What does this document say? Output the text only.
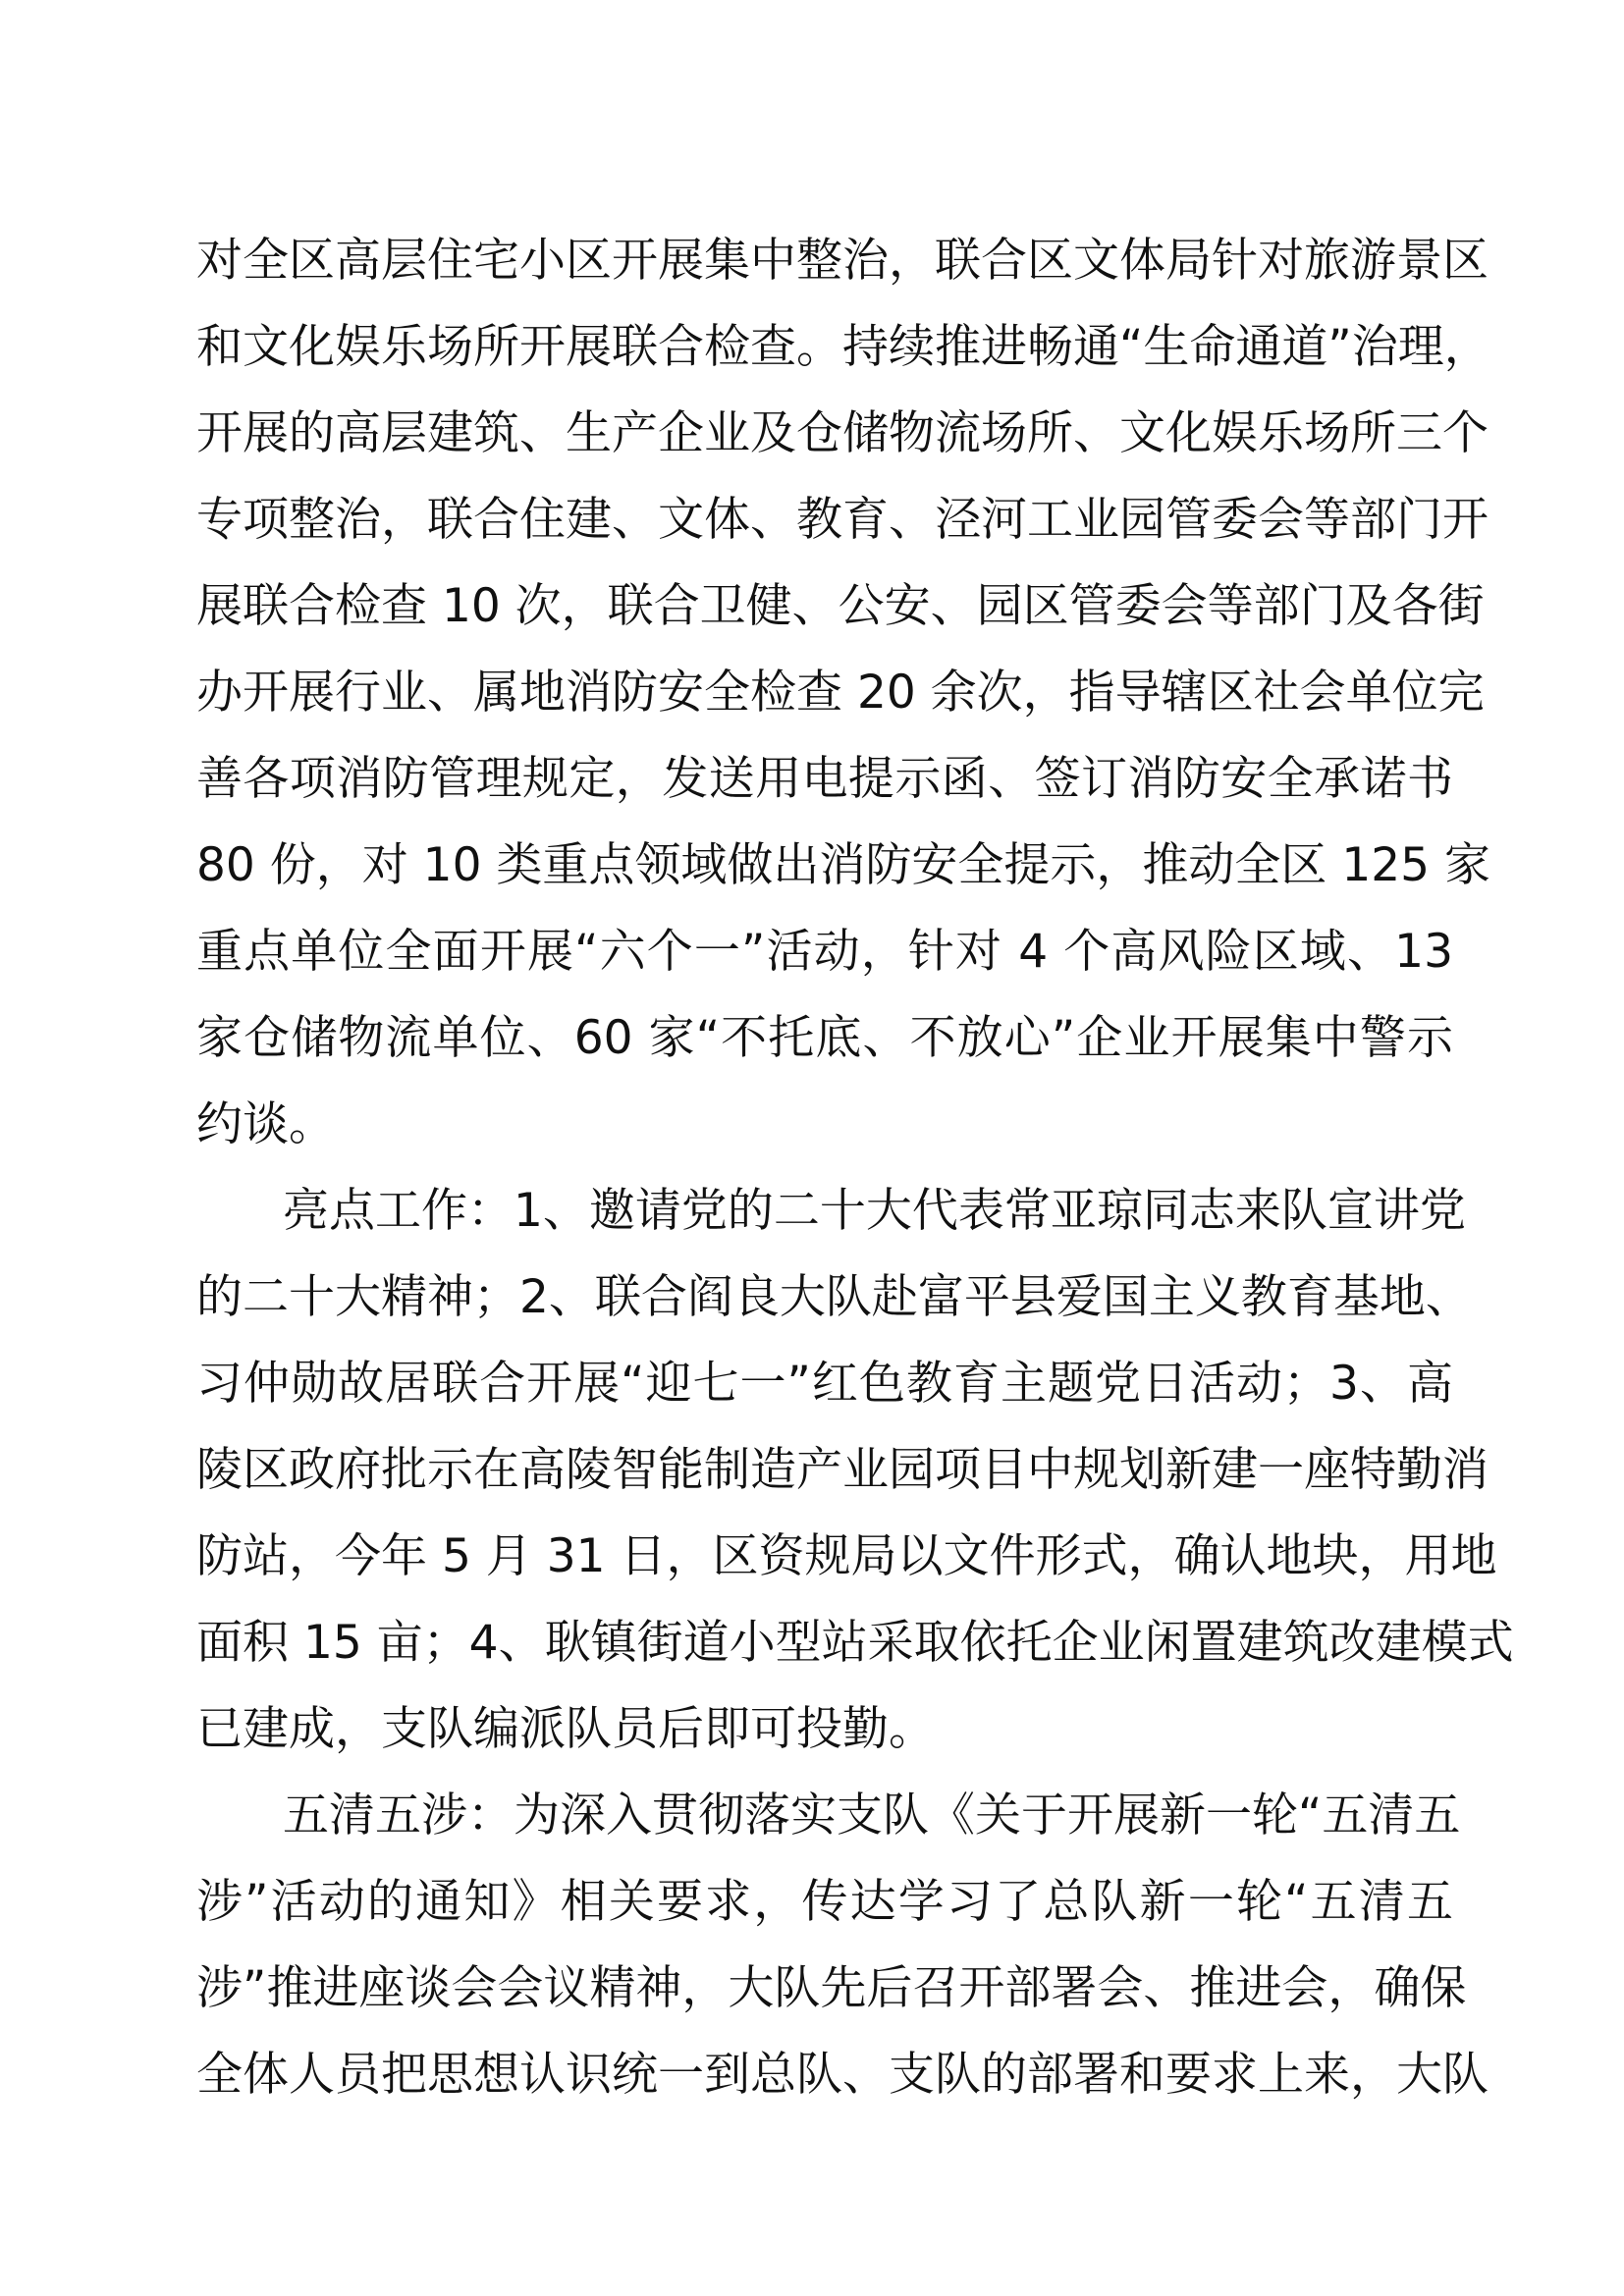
对全区高层住宅小区开展集中整治，联合区文体局针对旅游景区
和文化娱乐场所开展联合检查。持续推进畅通“生命通道”治理，
开展的高层建筑、生产企业及仓储物流场所、文化娱乐场所三个
专项整治，联合住建、文体、教育、泾河工业园管委会等部门开
展联合检查 10 次，联合卫健、公安、园区管委会等部门及各街
办开展行业、属地消防安全检查 20 余次，指导辖区社会单位完
善各项消防管理规定，发送用电提示函、签订消防安全承诺书
80 份，对 10 类重点领域做出消防安全提示，推动全区 125 家
重点单位全面开展“六个一”活动，针对 4 个高风险区域、13
家仓储物流单位、60 家“不托底、不放心”企业开展集中警示
约谈。
亮点工作：1、邀请党的二十大代表常亚琼同志来队宣讲党
的二十大精神；2、联合阎良大队赴富平县爱国主义教育基地、
习仲勋故居联合开展“迎七一”红色教育主题党日活动；3、高
陵区政府批示在高陵智能制造产业园项目中规划新建一座特勤消
防站，今年 5 月 31 日，区资规局以文件形式，确认地块，用地
面积 15 亩；4、耿镇街道小型站采取依托企业闲置建筑改建模式
已建成，支队编派队员后即可投勤。
五清五涉：为深入贯彻落实支队《关于开展新一轮“五清五
涉”活动的通知》相关要求，传达学习了总队新一轮“五清五
涉”推进座谈会会议精神，大队先后召开部署会、推进会，确保
全体人员把思想认识统一到总队、支队的部署和要求上来，大队
